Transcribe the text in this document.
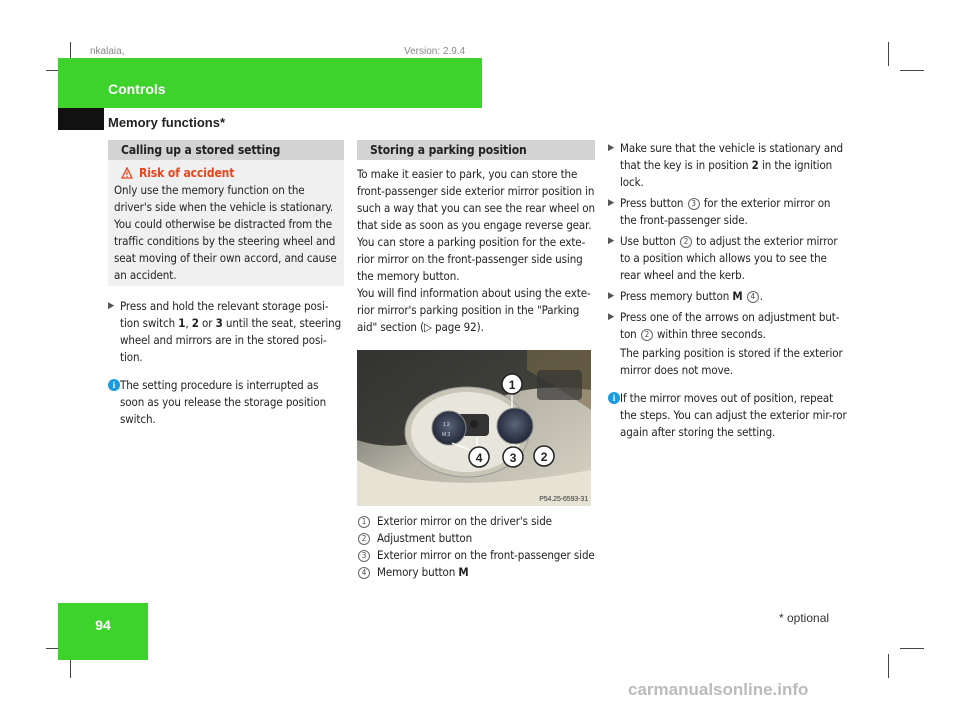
nkalaia,	Version: 2.9.4
Controls
Memory functions*
Calling up a stored setting
Risk of accident

Only use the memory function on the driver's side when the vehicle is stationary. You could otherwise be distracted from the traffic conditions by the steering wheel and seat moving of their own accord, and cause an accident.

▶ Press and hold the relevant storage posi-tion switch 1, 2 or 3 until the seat, steering wheel and mirrors are in the stored posi-tion.
i The setting procedure is interrupted as soon as you release the storage position switch.
Storing a parking position

To make it easier to park, you can store the front-passenger side exterior mirror position in such a way that you can see the rear wheel on that side as soon as you engage reverse gear.

You can store a parking position for the exte-rior mirror on the front-passenger side using the memory button.

You will find information about using the exte-rior mirror's parking position in the "Parking aid" section (▷ page 92).

1 2
M 3
1
2
3
4
P54.25-6593-31
1 Exterior mirror on the driver's side
2 Adjustment button
3 Exterior mirror on the front-passenger side
4 Memory button M
▶ Make sure that the vehicle is stationary and that the key is in position 2 in the ignition lock.
▶ Press button 3 for the exterior mirror on the front-passenger side.
▶ Use button 2 to adjust the exterior mirror to a position which allows you to see the rear wheel and the kerb.
▶ Press memory button M 4 .
▶ Press one of the arrows on adjustment but-ton 2 within three seconds.

The parking position is stored if the exterior mirror does not move.

i If the mirror moves out of position, repeat the steps. You can adjust the exterior mir-ror again after storing the setting.
94	* optional
carmanualsonline.info
